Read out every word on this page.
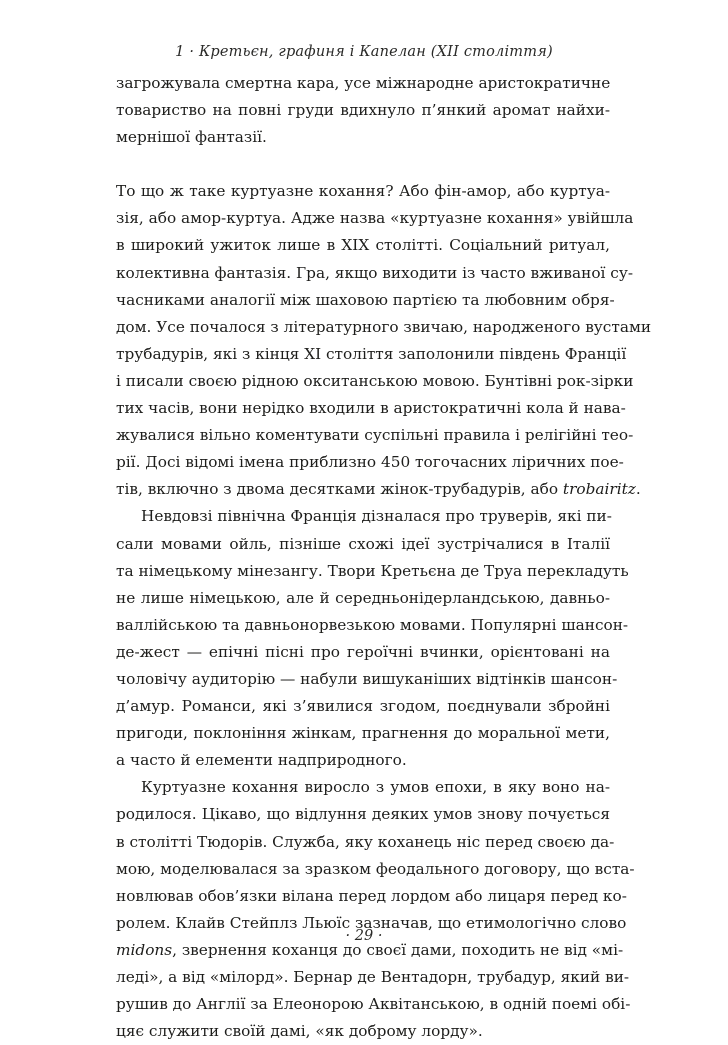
1 · Кретьєн, графиня і Капелан (XII століття)
загрожувала смертна кара, усе міжнародне аристократичне
товариство на повні груди вдихнуло п’янкий аромат найхи-
мернішої фантазії.
То що ж таке куртуазне кохання? Або фін-амор, або куртуа-
зія, або амор-куртуа. Адже назва «куртуазне кохання» увійшла
в широкий ужиток лише в XIX столітті. Соціальний ритуал,
колективна фантазія. Гра, якщо виходити із часто вживаної су-
часниками аналогії між шаховою партією та любовним обря-
дом. Усе почалося з літературного звичаю, народженого вустами
трубадурів, які з кінця XI століття заполонили південь Франції
і писали своєю рідною окситанською мовою. Бунтівні рок-зірки
тих часів, вони нерідко входили в аристократичні кола й нава-
жувалися вільно коментувати суспільні правила і релігійні тео-
рії. Досі відомі імена приблизно 450 тогочасних ліричних пое-
тів, включно з двома десятками жінок-трубадурів, або trobairitz.
Невдовзі північна Франція дізналася про труверів, які пи-
сали мовами ойль, пізніше схожі ідеї зустрічалися в Італії
та німецькому мінезангу. Твори Кретьєна де Труа перекладуть
не лише німецькою, але й середньонідерландською, давньо-
валлійською та давньонорвезькою мовами. Популярні шансон-
де-жест — епічні пісні про героїчні вчинки, орієнтовані на
чоловічу аудиторію — набули вишуканіших відтінків шансон-
д’амур. Романси, які з’явилися згодом, поєднували збройні
пригоди, поклоніння жінкам, прагнення до моральної мети,
а часто й елементи надприродного.
Куртуазне кохання виросло з умов епохи, в яку воно на-
родилося. Цікаво, що відлуння деяких умов знову почується
в столітті Тюдорів. Служба, яку коханець ніс перед своєю да-
мою, моделювалася за зразком феодального договору, що вста-
новлював обов’язки вілана перед лордом або лицаря перед ко-
ролем. Клайв Стейплз Льюїс зазначав, що етимологічно слово
midons, звернення коханця до своєї дами, походить не від «мі-
леді», а від «мілорд». Бернар де Вентадорн, трубадур, який ви-
рушив до Англії за Елеонорою Аквітанською, в одній поемі обі-
цяє служити своїй дамі, «як доброму лорду».
· 29 ·
